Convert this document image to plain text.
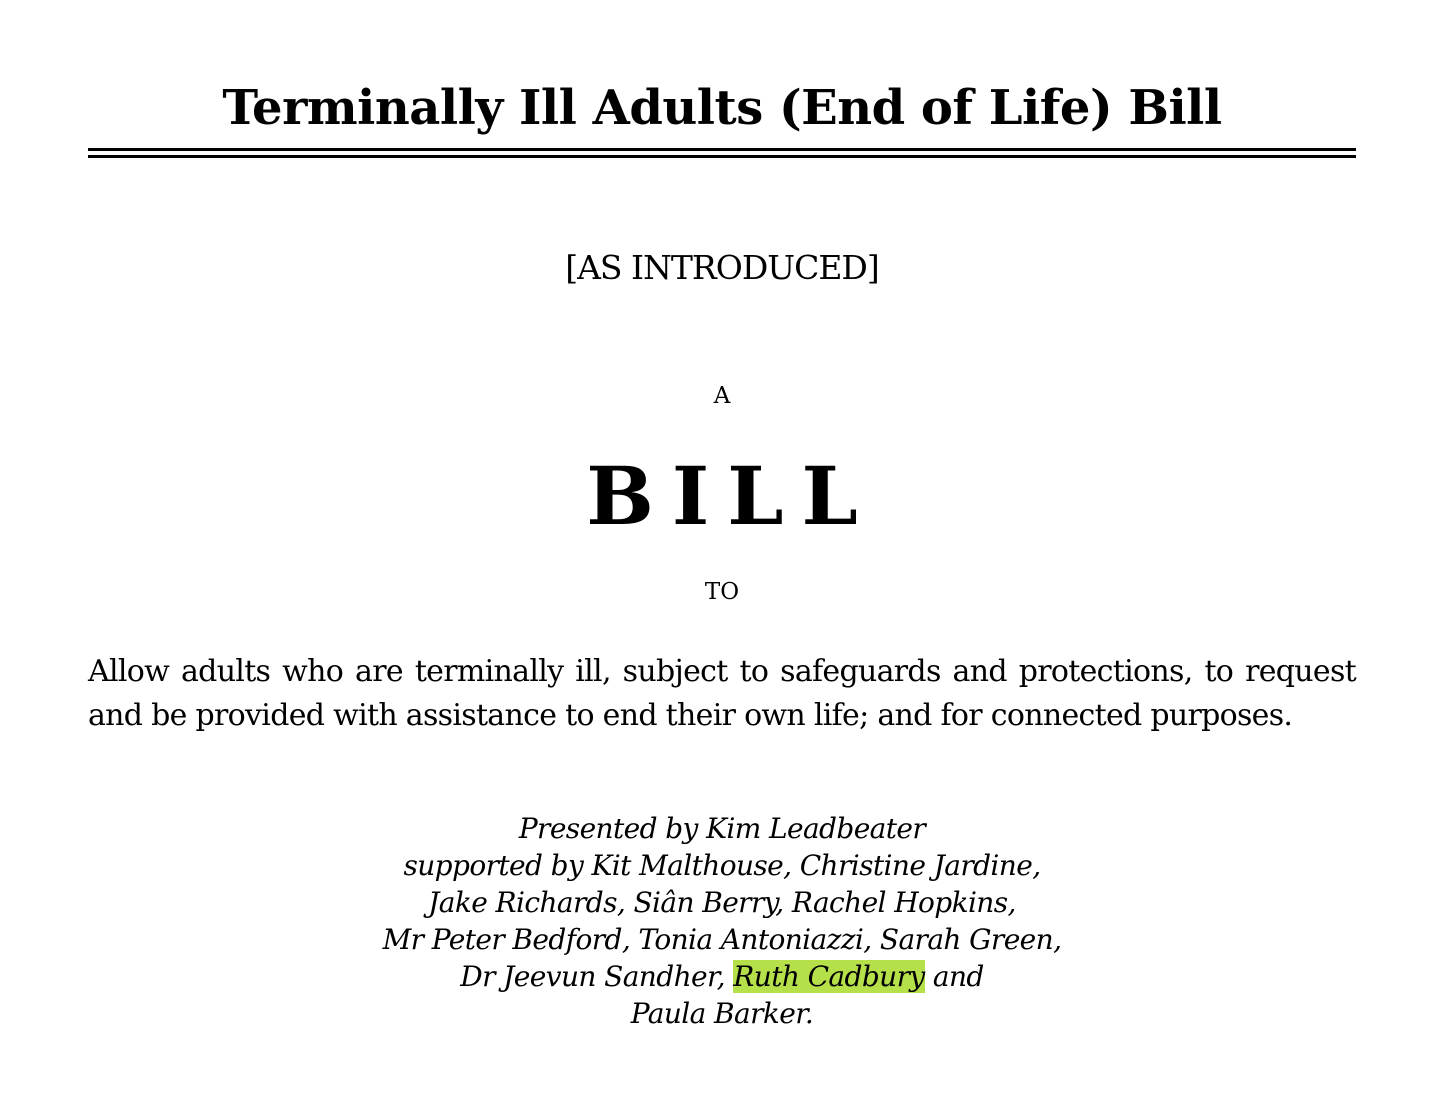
Terminally Ill Adults (End of Life) Bill
[AS INTRODUCED]
A
BILL
TO
Allow adults who are terminally ill, subject to safeguards and protections, to request and be provided with assistance to end their own life; and for connected purposes.
Presented by Kim Leadbeater
supported by Kit Malthouse, Christine Jardine,
Jake Richards, Siân Berry, Rachel Hopkins,
Mr Peter Bedford, Tonia Antoniazzi, Sarah Green,
Dr Jeevun Sandher, Ruth Cadbury and
Paula Barker.
